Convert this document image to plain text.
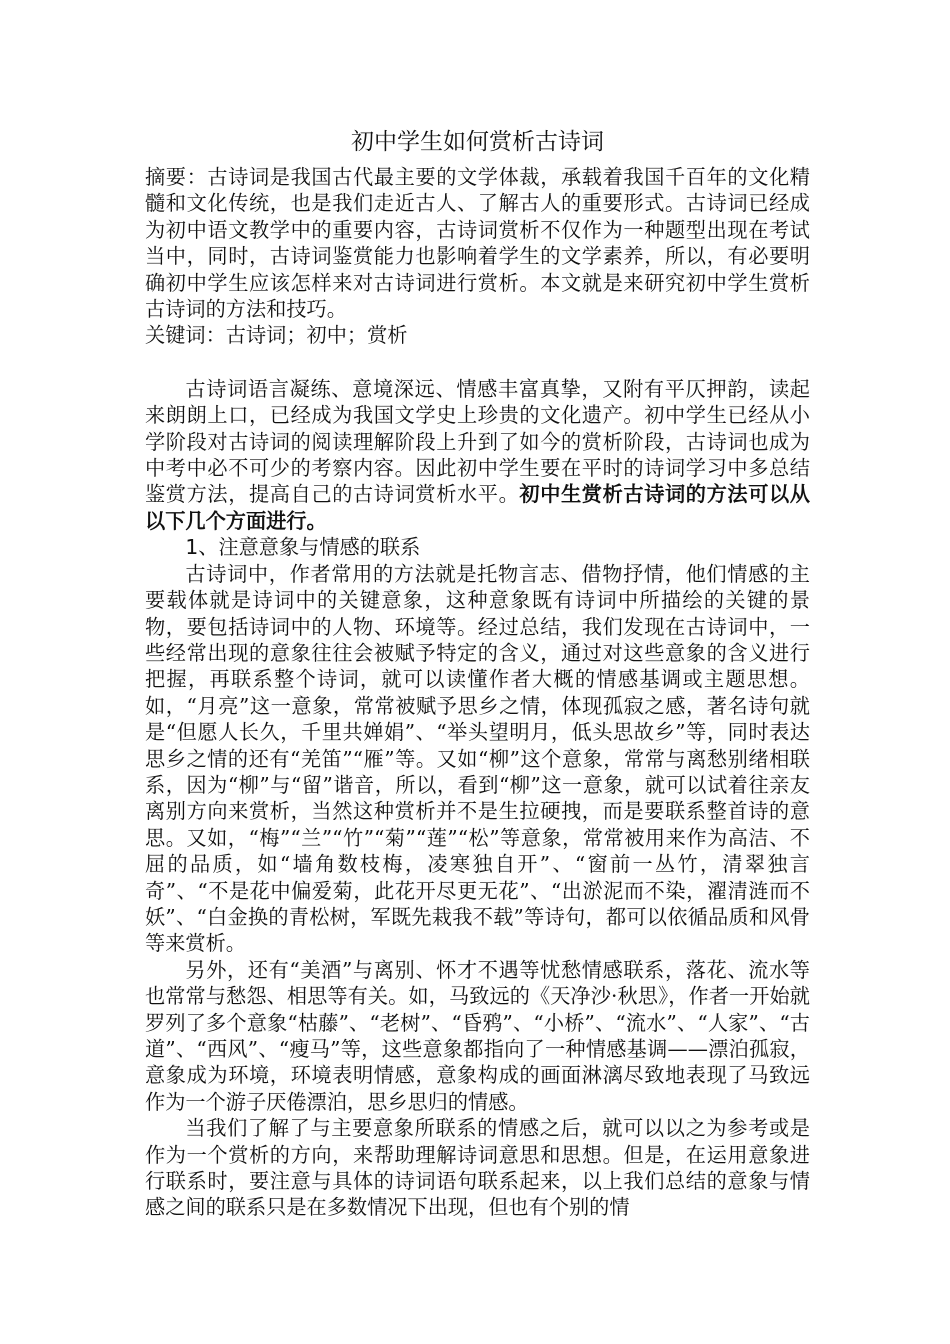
初中学生如何赏析古诗词

摘要：古诗词是我国古代最主要的文学体裁，承载着我国千百年的文化精髓和文化传统，也是我们走近古人、了解古人的重要形式。古诗词已经成为初中语文教学中的重要内容，古诗词赏析不仅作为一种题型出现在考试当中，同时，古诗词鉴赏能力也影响着学生的文学素养，所以，有必要明确初中学生应该怎样来对古诗词进行赏析。本文就是来研究初中学生赏析古诗词的方法和技巧。

关键词：古诗词；初中；赏析

古诗词语言凝练、意境深远、情感丰富真挚，又附有平仄押韵，读起来朗朗上口，已经成为我国文学史上珍贵的文化遗产。初中学生已经从小学阶段对古诗词的阅读理解阶段上升到了如今的赏析阶段，古诗词也成为中考中必不可少的考察内容。因此初中学生要在平时的诗词学习中多总结鉴赏方法，提高自己的古诗词赏析水平。初中生赏析古诗词的方法可以从以下几个方面进行。

1、注意意象与情感的联系

古诗词中，作者常用的方法就是托物言志、借物抒情，他们情感的主要载体就是诗词中的关键意象，这种意象既有诗词中所描绘的关键的景物，要包括诗词中的人物、环境等。经过总结，我们发现在古诗词中，一些经常出现的意象往往会被赋予特定的含义，通过对这些意象的含义进行把握，再联系整个诗词，就可以读懂作者大概的情感基调或主题思想。如，“月亮”这一意象，常常被赋予思乡之情，体现孤寂之感，著名诗句就是“但愿人长久，千里共婵娟”、“举头望明月，低头思故乡”等，同时表达思乡之情的还有“羌笛”“雁”等。又如“柳”这个意象，常常与离愁别绪相联系，因为“柳”与“留”谐音，所以，看到“柳”这一意象，就可以试着往亲友离别方向来赏析，当然这种赏析并不是生拉硬拽，而是要联系整首诗的意思。又如，“梅”“兰”“竹”“菊”“莲”“松”等意象，常常被用来作为高洁、不屈的品质，如“墙角数枝梅，凌寒独自开”、“窗前一丛竹，清翠独言奇”、“不是花中偏爱菊，此花开尽更无花”、“出淤泥而不染，濯清涟而不妖”、“白金换的青松树，军既先栽我不载”等诗句，都可以依循品质和风骨等来赏析。

另外，还有“美酒”与离别、怀才不遇等忧愁情感联系，落花、流水等也常常与愁怨、相思等有关。如，马致远的《天净沙·秋思》，作者一开始就罗列了多个意象“枯藤”、“老树”、“昏鸦”、“小桥”、“流水”、“人家”、“古道”、“西风”、“瘦马”等，这些意象都指向了一种情感基调——漂泊孤寂，意象成为环境，环境表明情感，意象构成的画面淋漓尽致地表现了马致远作为一个游子厌倦漂泊，思乡思归的情感。

当我们了解了与主要意象所联系的情感之后，就可以以之为参考或是作为一个赏析的方向，来帮助理解诗词意思和思想。但是，在运用意象进行联系时，要注意与具体的诗词语句联系起来，以上我们总结的意象与情感之间的联系只是在多数情况下出现，但也有个别的情
